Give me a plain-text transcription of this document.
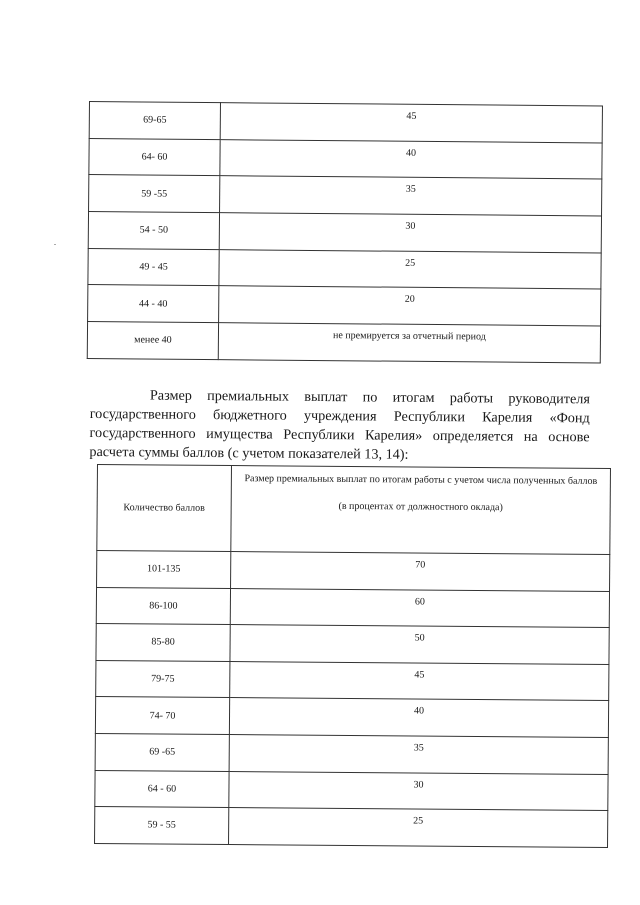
69-65	45
64- 60	40
59 -55	35
54 - 50	30
49 - 45	25
44 - 40	20
менее 40	не премируется за отчетный период

Размер премиальных выплат по итогам работы руководителя государственного бюджетного учреждения Республики Карелия «Фонд государственного имущества Республики Карелия» определяется на основе расчета суммы баллов (с учетом показателей 13, 14):

Количество баллов	Размер премиальных выплат по итогам работы с учетом числа полученных баллов
(в процентах от должностного оклада)

101-135	70
86-100	60
85-80	50
79-75	45
74- 70	40
69 -65	35
64 - 60	30
59 - 55	25
